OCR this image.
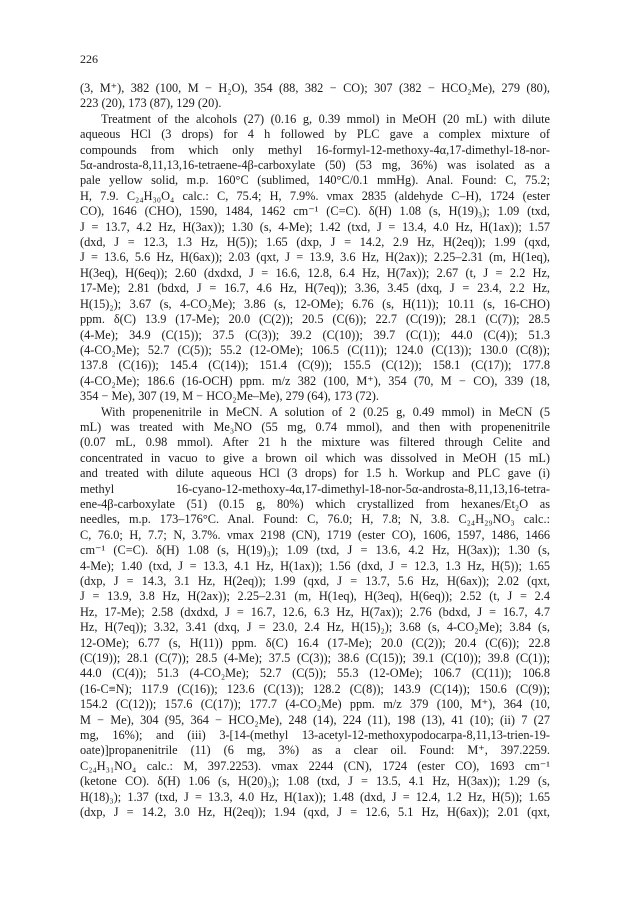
226
(3, M⁺), 382 (100, M − H₂O), 354 (88, 382 − CO); 307 (382 − HCO₂Me), 279 (80),
223 (20), 173 (87), 129 (20).
Treatment of the alcohols (27) (0.16 g, 0.39 mmol) in MeOH (20 mL) with dilute
aqueous HCl (3 drops) for 4 h followed by PLC gave a complex mixture of
compounds from which only methyl 16-formyl-12-methoxy-4α,17-dimethyl-18-nor-
5α-androsta-8,11,13,16-tetraene-4β-carboxylate (50) (53 mg, 36%) was isolated as a
pale yellow solid, m.p. 160°C (sublimed, 140°C/0.1 mmHg). Anal. Found: C, 75.2;
H, 7.9. C₂₄H₃₀O₄ calc.: C, 75.4; H, 7.9%. νmax 2835 (aldehyde C–H), 1724 (ester
CO), 1646 (CHO), 1590, 1484, 1462 cm⁻¹ (C=C). δ(H) 1.08 (s, H(19)₃); 1.09 (txd,
J = 13.7, 4.2 Hz, H(3ax)); 1.30 (s, 4-Me); 1.42 (txd, J = 13.4, 4.0 Hz, H(1ax)); 1.57
(dxd, J = 12.3, 1.3 Hz, H(5)); 1.65 (dxp, J = 14.2, 2.9 Hz, H(2eq)); 1.99 (qxd,
J = 13.6, 5.6 Hz, H(6ax)); 2.03 (qxt, J = 13.9, 3.6 Hz, H(2ax)); 2.25–2.31 (m, H(1eq),
H(3eq), H(6eq)); 2.60 (dxdxd, J = 16.6, 12.8, 6.4 Hz, H(7ax)); 2.67 (t, J = 2.2 Hz,
17-Me); 2.81 (bdxd, J = 16.7, 4.6 Hz, H(7eq)); 3.36, 3.45 (dxq, J = 23.4, 2.2 Hz,
H(15)₂); 3.67 (s, 4-CO₂Me); 3.86 (s, 12-OMe); 6.76 (s, H(11)); 10.11 (s, 16-CHO)
ppm. δ(C) 13.9 (17-Me); 20.0 (C(2)); 20.5 (C(6)); 22.7 (C(19)); 28.1 (C(7)); 28.5
(4-Me); 34.9 (C(15)); 37.5 (C(3)); 39.2 (C(10)); 39.7 (C(1)); 44.0 (C(4)); 51.3
(4-CO₂Me); 52.7 (C(5)); 55.2 (12-OMe); 106.5 (C(11)); 124.0 (C(13)); 130.0 (C(8));
137.8 (C(16)); 145.4 (C(14)); 151.4 (C(9)); 155.5 (C(12)); 158.1 (C(17)); 177.8
(4-CO₂Me); 186.6 (16-OCH) ppm. m/z 382 (100, M⁺), 354 (70, M − CO), 339 (18,
354 − Me), 307 (19, M − HCO₂Me–Me), 279 (64), 173 (72).
With propenenitrile in MeCN. A solution of 2 (0.25 g, 0.49 mmol) in MeCN (5
mL) was treated with Me₃NO (55 mg, 0.74 mmol), and then with propenenitrile
(0.07 mL, 0.98 mmol). After 21 h the mixture was filtered through Celite and
concentrated in vacuo to give a brown oil which was dissolved in MeOH (15 mL)
and treated with dilute aqueous HCl (3 drops) for 1.5 h. Workup and PLC gave (i)
methyl 16-cyano-12-methoxy-4α,17-dimethyl-18-nor-5α-androsta-8,11,13,16-tetra-
ene-4β-carboxylate (51) (0.15 g, 80%) which crystallized from hexanes/Et₂O as
needles, m.p. 173–176°C. Anal. Found: C, 76.0; H, 7.8; N, 3.8. C₂₄H₂₉NO₃ calc.:
C, 76.0; H, 7.7; N, 3.7%. νmax 2198 (CN), 1719 (ester CO), 1606, 1597, 1486, 1466
cm⁻¹ (C=C). δ(H) 1.08 (s, H(19)₃); 1.09 (txd, J = 13.6, 4.2 Hz, H(3ax)); 1.30 (s,
4-Me); 1.40 (txd, J = 13.3, 4.1 Hz, H(1ax)); 1.56 (dxd, J = 12.3, 1.3 Hz, H(5)); 1.65
(dxp, J = 14.3, 3.1 Hz, H(2eq)); 1.99 (qxd, J = 13.7, 5.6 Hz, H(6ax)); 2.02 (qxt,
J = 13.9, 3.8 Hz, H(2ax)); 2.25–2.31 (m, H(1eq), H(3eq), H(6eq)); 2.52 (t, J = 2.4
Hz, 17-Me); 2.58 (dxdxd, J = 16.7, 12.6, 6.3 Hz, H(7ax)); 2.76 (bdxd, J = 16.7, 4.7
Hz, H(7eq)); 3.32, 3.41 (dxq, J = 23.0, 2.4 Hz, H(15)₂); 3.68 (s, 4-CO₂Me); 3.84 (s,
12-OMe); 6.77 (s, H(11)) ppm. δ(C) 16.4 (17-Me); 20.0 (C(2)); 20.4 (C(6)); 22.8
(C(19)); 28.1 (C(7)); 28.5 (4-Me); 37.5 (C(3)); 38.6 (C(15)); 39.1 (C(10)); 39.8 (C(1));
44.0 (C(4)); 51.3 (4-CO₂Me); 52.7 (C(5)); 55.3 (12-OMe); 106.7 (C(11)); 106.8
(16-C≡N); 117.9 (C(16)); 123.6 (C(13)); 128.2 (C(8)); 143.9 (C(14)); 150.6 (C(9));
154.2 (C(12)); 157.6 (C(17)); 177.7 (4-CO₂Me) ppm. m/z 379 (100, M⁺), 364 (10,
M − Me), 304 (95, 364 − HCO₂Me), 248 (14), 224 (11), 198 (13), 41 (10); (ii) 7 (27
mg, 16%); and (iii) 3-[14-(methyl 13-acetyl-12-methoxypodocarpa-8,11,13-trien-19-
oate)]propanenitrile (11) (6 mg, 3%) as a clear oil. Found: M⁺, 397.2259.
C₂₄H₃₁NO₄ calc.: M, 397.2253). νmax 2244 (CN), 1724 (ester CO), 1693 cm⁻¹
(ketone CO). δ(H) 1.06 (s, H(20)₃); 1.08 (txd, J = 13.5, 4.1 Hz, H(3ax)); 1.29 (s,
H(18)₃); 1.37 (txd, J = 13.3, 4.0 Hz, H(1ax)); 1.48 (dxd, J = 12.4, 1.2 Hz, H(5)); 1.65
(dxp, J = 14.2, 3.0 Hz, H(2eq)); 1.94 (qxd, J = 12.6, 5.1 Hz, H(6ax)); 2.01 (qxt,
